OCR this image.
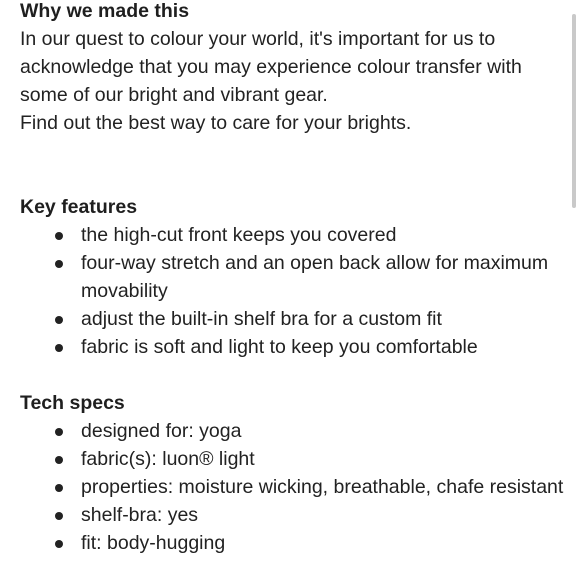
Why we made this

In our quest to colour your world, it's important for us to

acknowledge that you may experience colour transfer with

some of our bright and vibrant gear.

Find out the best way to care for your brights.

Key features
the high-cut front keeps you covered
four-way stretch and an open back allow for maximum movability
adjust the built-in shelf bra for a custom fit
fabric is soft and light to keep you comfortable
Tech specs
designed for: yoga
fabric(s): luon® light
properties: moisture wicking, breathable, chafe resistant
shelf-bra: yes
fit: body-hugging
